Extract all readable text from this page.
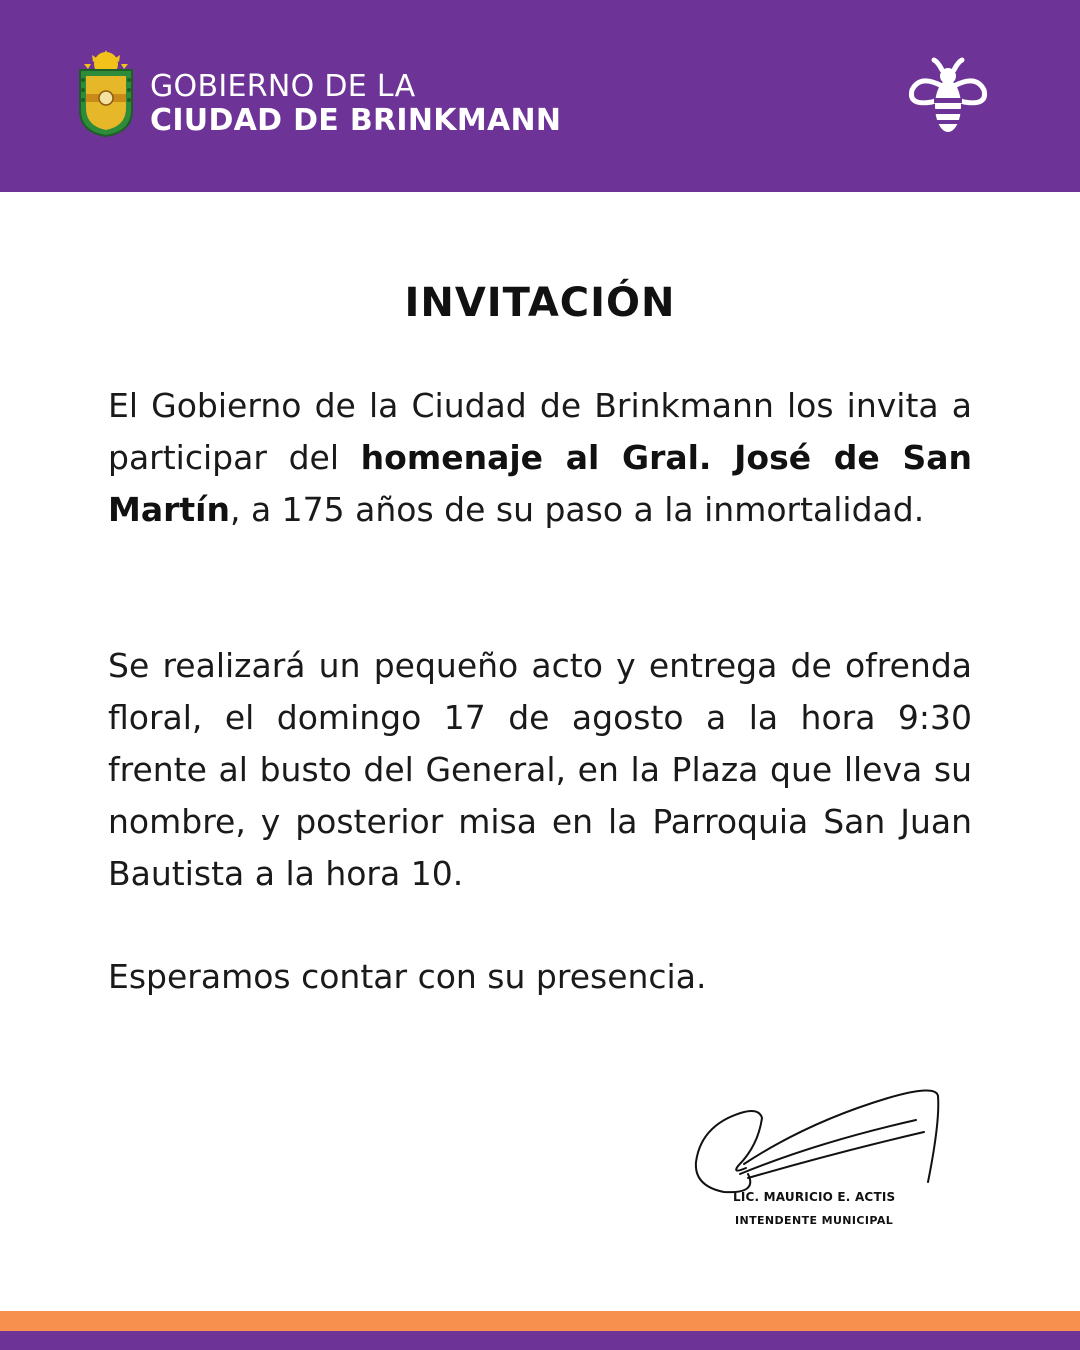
GOBIERNO DE LA
CIUDAD DE BRINKMANN
INVITACIÓN

El Gobierno de la Ciudad de Brinkmann los invita a participar del homenaje al Gral. José de San Martín, a 175 años de su paso a la inmortalidad.

Se realizará un pequeño acto y entrega de ofrenda floral, el domingo 17 de agosto a la hora 9:30 frente al busto del General, en la Plaza que lleva su nombre, y posterior misa en la Parroquia San Juan Bautista a la hora 10.

Esperamos contar con su presencia.

LIC. MAURICIO E. ACTIS
INTENDENTE MUNICIPAL
